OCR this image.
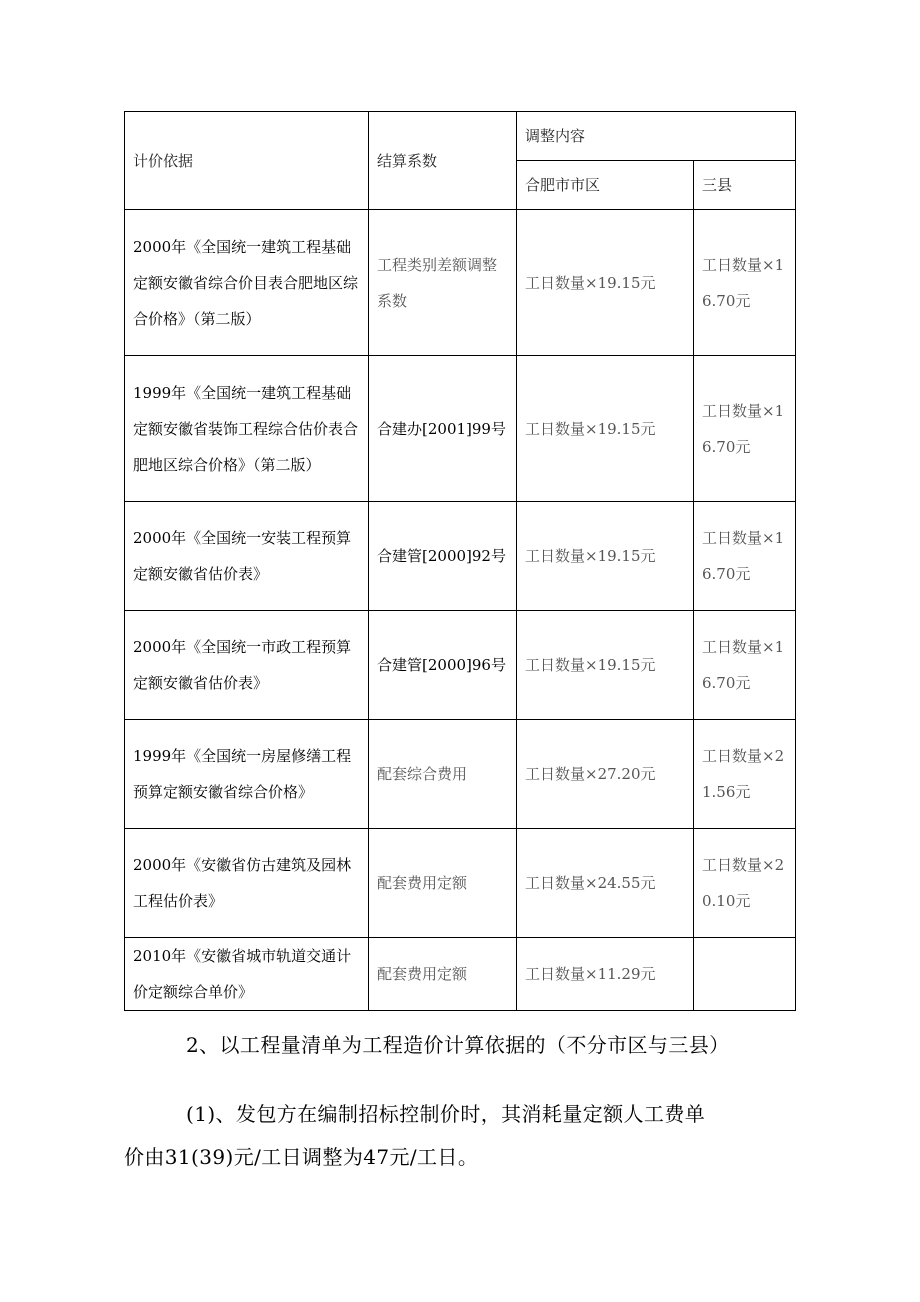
计价依据	结算系数	调整内容	
		合肥市市区	三县
2000年《全国统一建筑工程基础定额安徽省综合价目表合肥地区综合价格》（第二版）	工程类别差额调整系数	工日数量×19.15元	工日数量×16.70元
1999年《全国统一建筑工程基础定额安徽省装饰工程综合估价表合肥地区综合价格》（第二版）	合建办[2001]99号	工日数量×19.15元	工日数量×16.70元
2000年《全国统一安装工程预算定额安徽省估价表》	合建管[2000]92号	工日数量×19.15元	工日数量×16.70元
2000年《全国统一市政工程预算定额安徽省估价表》	合建管[2000]96号	工日数量×19.15元	工日数量×16.70元
1999年《全国统一房屋修缮工程预算定额安徽省综合价格》	配套综合费用	工日数量×27.20元	工日数量×21.56元
2000年《安徽省仿古建筑及园林工程估价表》	配套费用定额	工日数量×24.55元	工日数量×20.10元
2010年《安徽省城市轨道交通计价定额综合单价》	配套费用定额	工日数量×11.29元	

2、以工程量清单为工程造价计算依据的（不分市区与三县）

(1)、发包方在编制招标控制价时，其消耗量定额人工费单

价由31(39)元/工日调整为47元/工日。
